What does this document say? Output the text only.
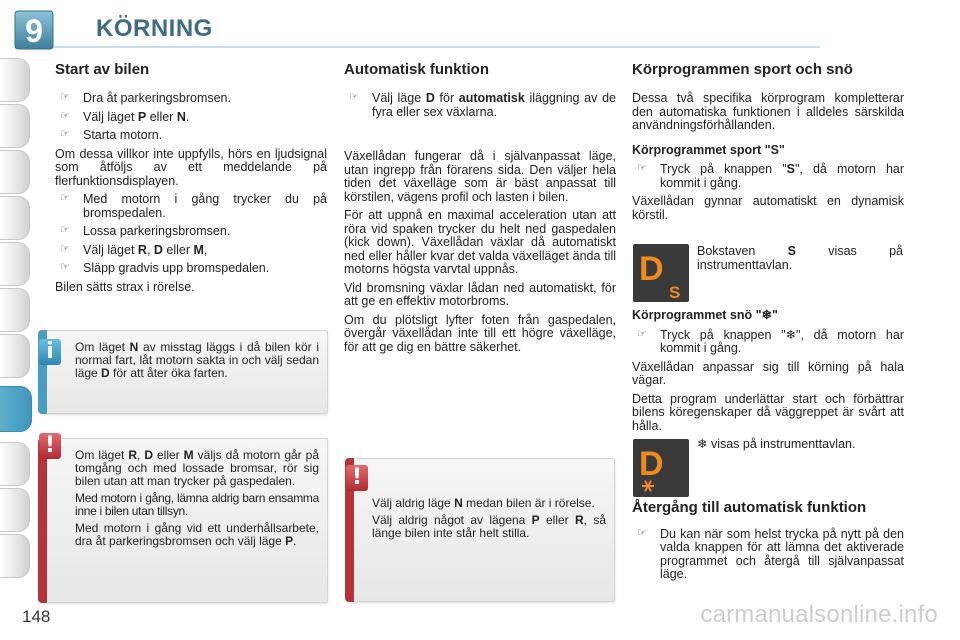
9 KÖRNING
Start av bilen
☞ Dra åt parkeringsbromsen.
☞ Välj läget P eller N.
☞ Starta motorn.

Om dessa villkor inte uppfylls, hörs en ljudsignal som åtföljs av ett meddelande på flerfunktionsdisplayen.

☞ Med motorn i gång trycker du på bromspedalen.
☞ Lossa parkeringsbromsen.
☞ Välj läget R, D eller M,
☞ Släpp gradvis upp bromspedalen.

Bilen sätts strax i rörelse.

i	Om läget N av misstag läggs i då bilen kör i normal fart, låt motorn sakta in och välj sedan läge D för att åter öka farten.

!	Om läget R, D eller M väljs då motorn går på tomgång och med lossade bromsar, rör sig bilen utan att man trycker på gaspedalen.

Med motorn i gång, lämna aldrig barn ensamma inne i bilen utan tillsyn.

Med motorn i gång vid ett underhållsarbete, dra åt parkeringsbromsen och välj läge P.

Automatisk funktion
☞ Välj läge D för automatisk iläggning av de fyra eller sex växlarna.

Växellådan fungerar då i självanpassat läge, utan ingrepp från förarens sida. Den väljer hela tiden det växelläge som är bäst anpassat till körstilen, vägens profil och lasten i bilen.

För att uppnå en maximal acceleration utan att röra vid spaken trycker du helt ned gaspedalen (kick down). Växellådan växlar då automatiskt ned eller håller kvar det valda växelläget ända till motorns högsta varvtal uppnås.

Vid bromsning växlar lådan ned automatiskt, för att ge en effektiv motorbroms.

Om du plötsligt lyfter foten från gaspedalen, övergår växellådan inte till ett högre växelläge, för att ge dig en bättre säkerhet.

!

Välj aldrig läge N medan bilen är i rörelse.

Välj aldrig något av lägena P eller R, så länge bilen inte står helt stilla.

Körprogrammen sport och snö

Dessa två specifika körprogram kompletterar den automatiska funktionen i alldeles särskilda användningsförhållanden.

Körprogrammet sport "S"
☞ Tryck på knappen "S", då motorn har kommit i gång.

Växellådan gynnar automatiskt en dynamisk körstil.

D
S

Bokstaven S visas på instrumenttavlan.

Körprogrammet snö "❄"
☞ Tryck på knappen "❄", då motorn har kommit i gång.

Växellådan anpassar sig till körning på hala vägar.

Detta program underlättar start och förbättrar bilens köregenskaper då väggreppet är svårt att hålla.

D
❄ visas på instrumenttavlan.
Återgång till automatisk funktion
☞ Du kan när som helst trycka på nytt på den valda knappen för att lämna det aktiverade programmet och återgå till självanpassat läge.
148	carmanualsonline.info
